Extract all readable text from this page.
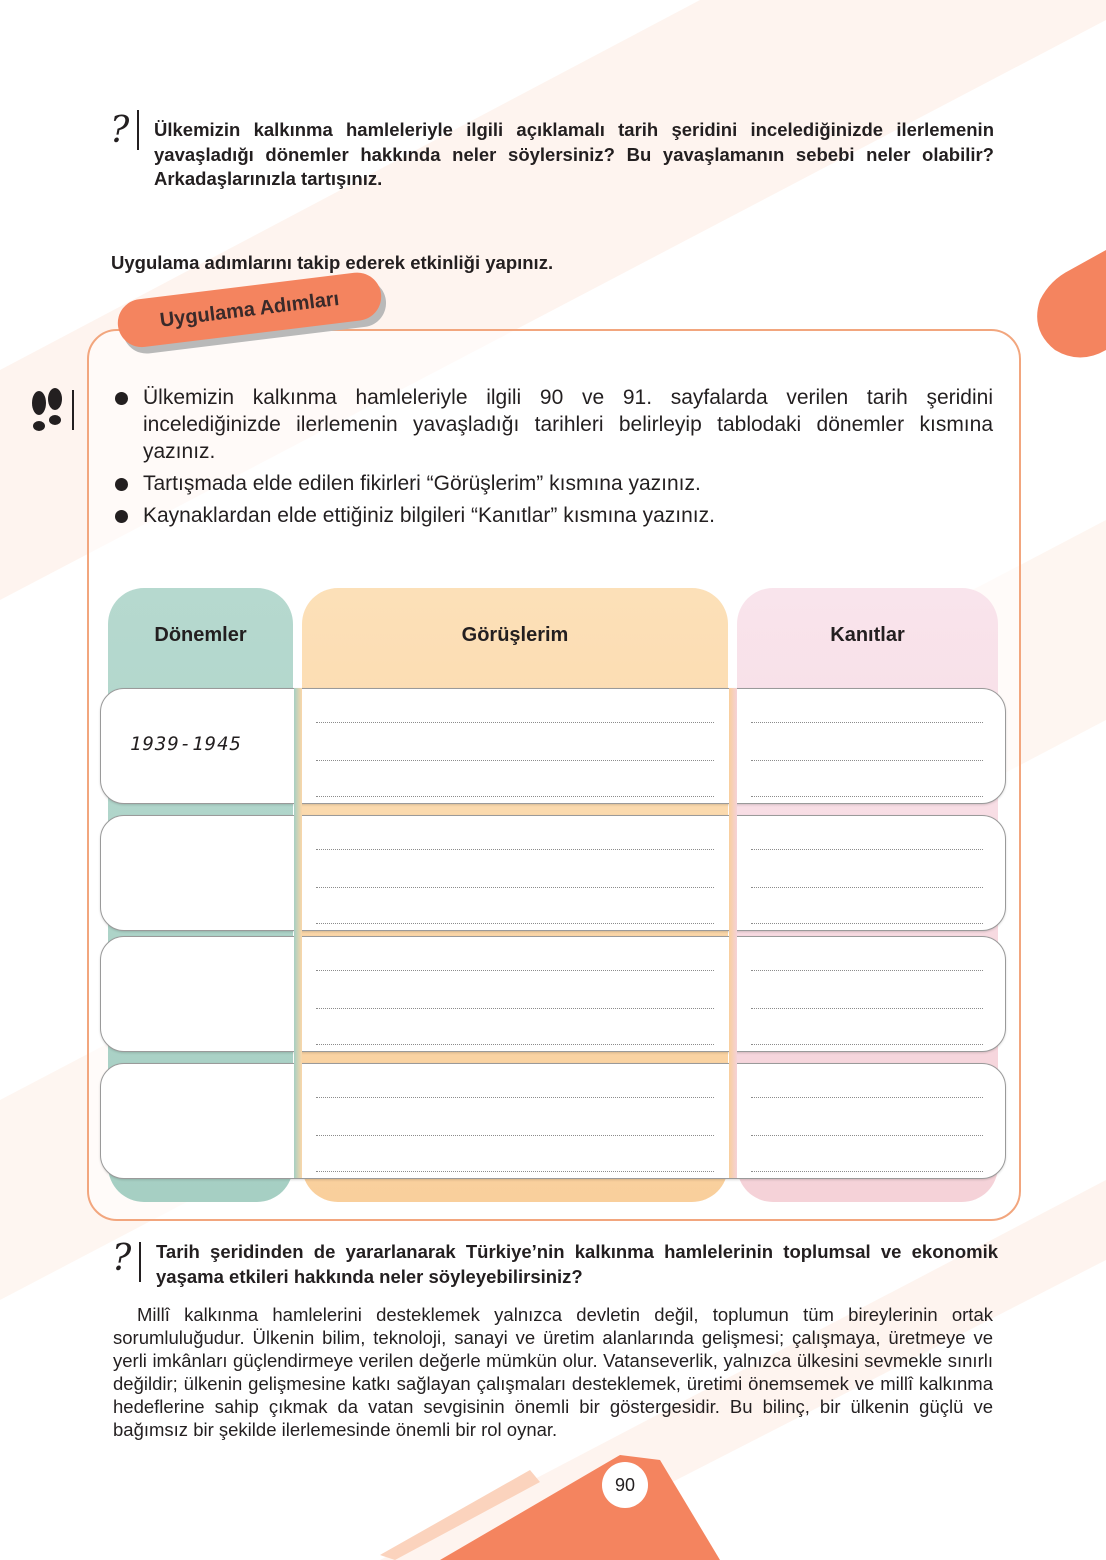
? Ülkemizin kalkınma hamleleriyle ilgili açıklamalı tarih şeridini incelediğinizde ilerlemenin yavaşladığı dönemler hakkında neler söylersiniz? Bu yavaşlamanın sebebi neler olabilir? Arkadaşlarınızla tartışınız.
Uygulama adımlarını takip ederek etkinliği yapınız.
Uygulama Adımları
Ülkemizin kalkınma hamleleriyle ilgili 90 ve 91. sayfalarda verilen tarih şeridini incelediğinizde ilerlemenin yavaşladığı tarihleri belirleyip tablodaki dönemler kısmına yazınız.
Tartışmada elde edilen fikirleri “Görüşlerim” kısmına yazınız.
Kaynaklardan elde ettiğiniz bilgileri “Kanıtlar” kısmına yazınız.
Dönemler	Görüşlerim	Kanıtlar
1939-1945
? Tarih şeridinden de yararlanarak Türkiye’nin kalkınma hamlelerinin toplumsal ve ekonomik yaşama etkileri hakkında neler söyleyebilirsiniz?
Millî kalkınma hamlelerini desteklemek yalnızca devletin değil, toplumun tüm bireylerinin ortak sorumluluğudur. Ülkenin bilim, teknoloji, sanayi ve üretim alanlarında gelişmesi; çalışmaya, üretmeye ve yerli imkânları güçlendirmeye verilen değerle mümkün olur. Vatanseverlik, yalnızca ülkesini sevmekle sınırlı değildir; ülkenin gelişmesine katkı sağlayan çalışmaları desteklemek, üretimi önemsemek ve millî kalkınma hedeflerine sahip çıkmak da vatan sevgisinin önemli bir göstergesidir. Bu bilinç, bir ülkenin güçlü ve bağımsız bir şekilde ilerlemesinde önemli bir rol oynar.
90
